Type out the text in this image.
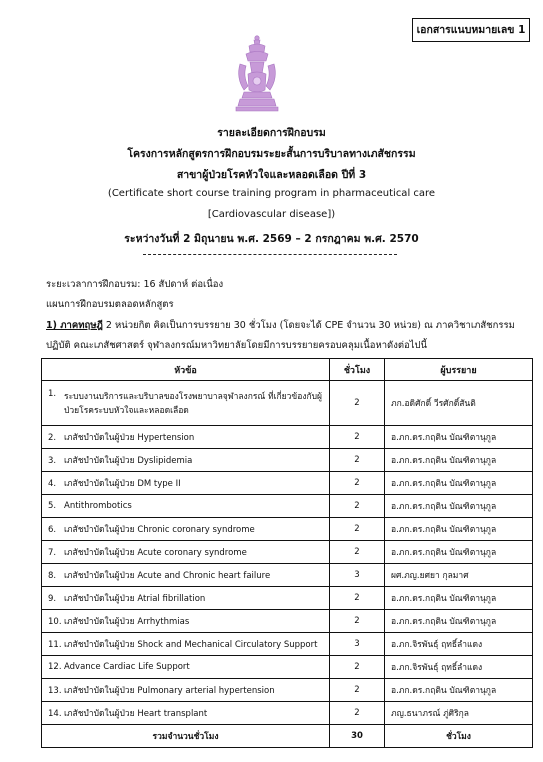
เอกสารแนบหมายเลข 1
รายละเอียดการฝึกอบรม
โครงการหลักสูตรการฝึกอบรมระยะสั้นการบริบาลทางเภสัชกรรม
สาขาผู้ป่วยโรคหัวใจและหลอดเลือด ปีที่ 3
(Certificate short course training program in pharmaceutical care
[Cardiovascular disease])
ระหว่างวันที่ 2 มิถุนายน พ.ศ. 2569 – 2 กรกฎาคม พ.ศ. 2570
ระยะเวลาการฝึกอบรม: 16 สัปดาห์ ต่อเนื่อง
แผนการฝึกอบรมตลอดหลักสูตร
1) ภาคทฤษฎี 2 หน่วยกิต คิดเป็นการบรรยาย 30 ชั่วโมง (โดยจะได้ CPE จำนวน 30 หน่วย) ณ ภาควิชาเภสัชกรรม
ปฏิบัติ คณะเภสัชศาสตร์ จุฬาลงกรณ์มหาวิทยาลัยโดยมีการบรรยายครอบคลุมเนื้อหาดังต่อไปนี้
หัวข้อ	ชั่วโมง	ผู้บรรยาย

1. ระบบงานบริการและบริบาลของโรงพยาบาลจุฬาลงกรณ์ ที่เกี่ยวข้องกับผู้ป่วยโรคระบบหัวใจและหลอดเลือด	2	ภก.อดิศักดิ์ วีรศักดิ์สันติ
2. เภสัชบำบัดในผู้ป่วย Hypertension	2	อ.ภก.ดร.กฤติน บัณฑิตานุกูล
3. เภสัชบำบัดในผู้ป่วย Dyslipidemia	2	อ.ภก.ดร.กฤติน บัณฑิตานุกูล
4. เภสัชบำบัดในผู้ป่วย DM type II	2	อ.ภก.ดร.กฤติน บัณฑิตานุกูล
5. Antithrombotics	2	อ.ภก.ดร.กฤติน บัณฑิตานุกูล
6. เภสัชบำบัดในผู้ป่วย Chronic coronary syndrome	2	อ.ภก.ดร.กฤติน บัณฑิตานุกูล
7. เภสัชบำบัดในผู้ป่วย Acute coronary syndrome	2	อ.ภก.ดร.กฤติน บัณฑิตานุกูล
8. เภสัชบำบัดในผู้ป่วย Acute and Chronic heart failure	3	ผศ.ภญ.ยศยา กุลมาศ
9. เภสัชบำบัดในผู้ป่วย Atrial fibrillation	2	อ.ภก.ดร.กฤติน บัณฑิตานุกูล
10. เภสัชบำบัดในผู้ป่วย Arrhythmias	2	อ.ภก.ดร.กฤติน บัณฑิตานุกูล
11. เภสัชบำบัดในผู้ป่วย Shock and Mechanical Circulatory Support	3	อ.ภก.จิรพันธุ์ ฤทธิ์ลำแดง
12. Advance Cardiac Life Support	2	อ.ภก.จิรพันธุ์ ฤทธิ์ลำแดง
13. เภสัชบำบัดในผู้ป่วย Pulmonary arterial hypertension	2	อ.ภก.ดร.กฤติน บัณฑิตานุกูล
14. เภสัชบำบัดในผู้ป่วย Heart transplant	2	ภญ.ธนาภรณ์ ภู่ศิริกุล
รวมจำนวนชั่วโมง	30	ชั่วโมง
